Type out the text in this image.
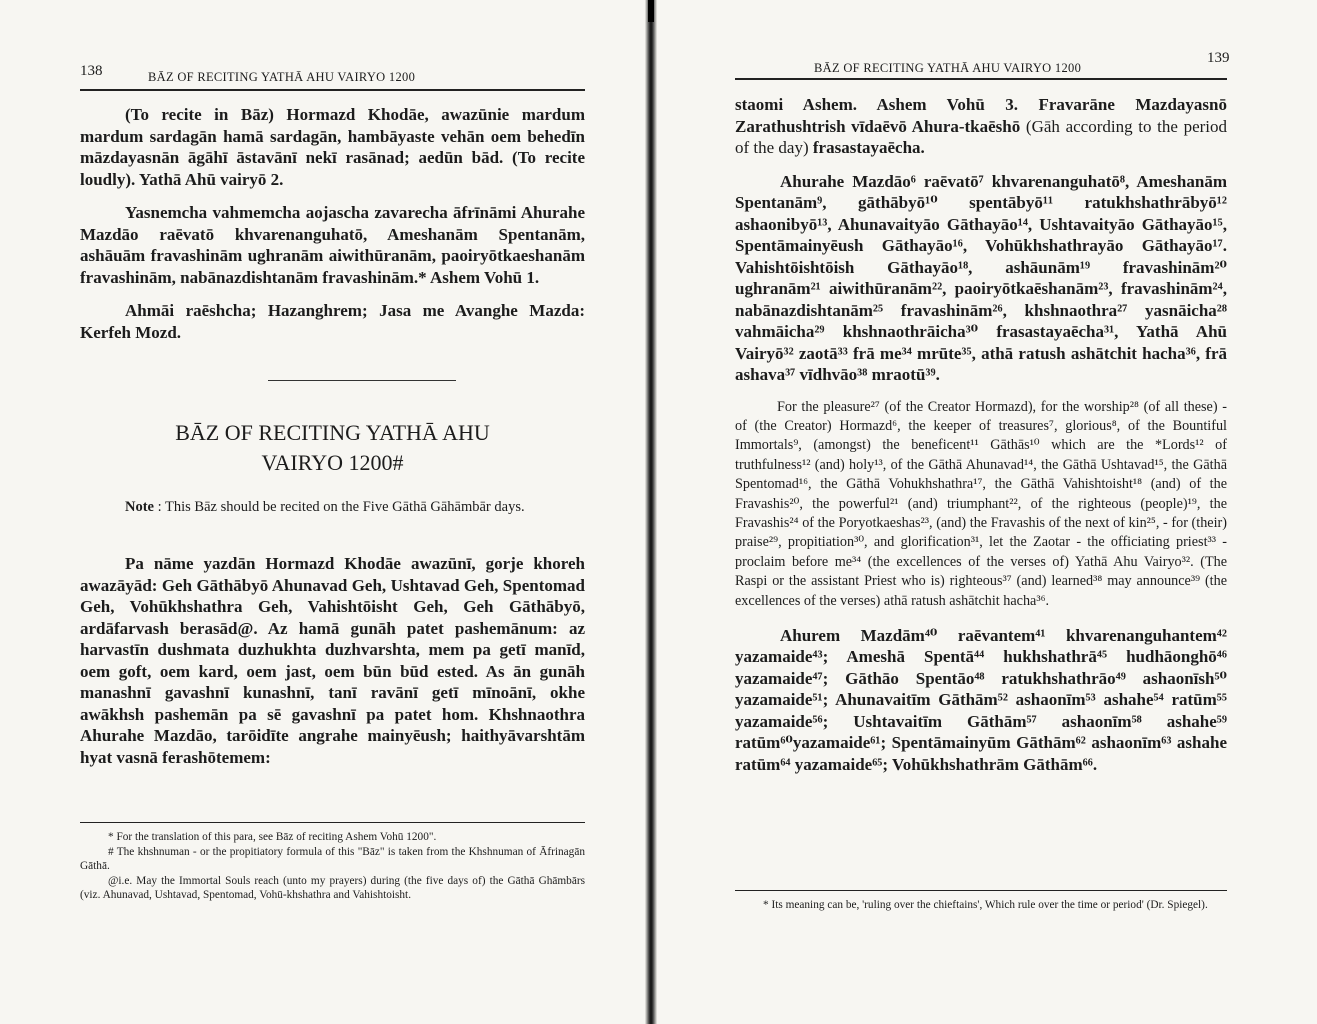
138	BĀZ OF RECITING YATHĀ AHU VAIRYO 1200

(To recite in Bāz) Hormazd Khodāe, awazūnie mardum mardum sardagān hamā sardagān, hambāyaste vehān oem behedīn māzdayasnān āgāhī āstavānī nekī rasānad; aedūn bād. (To recite loudly). Yathā Ahū vairyō 2.

Yasnemcha vahmemcha aojascha zavarecha āfrīnāmi Ahurahe Mazdāo raēvatō khvarenanguhatō, Ameshanām Spentanām, ashāuām fravashinām ughranām aiwithūranām, paoiryōtkaeshanām fravashinām, nabānazdishtanām fravashinām.* Ashem Vohū 1.

Ahmāi raēshcha; Hazanghrem; Jasa me Avanghe Mazda: Kerfeh Mozd.

BĀZ OF RECITING YATHĀ AHU

VAIRYO 1200#

Note : This Bāz should be recited on the Five Gāthā Gāhāmbār days.

Pa nāme yazdān Hormazd Khodāe awazūnī, gorje khoreh awazāyād: Geh Gāthābyō Ahunavad Geh, Ushtavad Geh, Spentomad Geh, Vohūkhshathra Geh, Vahishtōisht Geh, Geh Gāthābyō, ardāfarvash berasād@. Az hamā gunāh patet pashemānum: az harvastīn dushmata duzhukhta duzhvarshta, mem pa getī manīd, oem goft, oem kard, oem jast, oem būn būd ested. As ān gunāh manashnī gavashnī kunashnī, tanī ravānī getī mīnoānī, okhe awākhsh pashemān pa sē gavashnī pa patet hom. Khshnaothra Ahurahe Mazdāo, tarōidīte angrahe mainyēush; haithyāvarshtām hyat vasnā ferashōtemem:

* For the translation of this para, see Bāz of reciting Ashem Vohū 1200".

# The khshnuman - or the propitiatory formula of this "Bāz" is taken from the Khshnuman of Āfrinagān Gāthā.

@i.e. May the Immortal Souls reach (unto my prayers) during (the five days of) the Gāthā Ghāmbārs (viz. Ahunavad, Ushtavad, Spentomad, Vohū-khshathra and Vahishtoisht.

BĀZ OF RECITING YATHĀ AHU VAIRYO 1200
139

staomi Ashem. Ashem Vohū 3. Fravarāne Mazdayasnō Zarathushtrish vīdaēvō Ahura-tkaēshō (Gāh according to the period of the day) frasastayaēcha.

Ahurahe Mazdāo⁶ raēvatō⁷ khvarenanguhatō⁸, Ameshanām Spentanām⁹, gāthābyō¹⁰ spentābyō¹¹ ratukhshathrābyō¹² ashaonibyō¹³, Ahunavaityāo Gāthayāo¹⁴, Ushtavaityāo Gāthayāo¹⁵, Spentāmainyēush Gāthayāo¹⁶, Vohūkhshathrayāo Gāthayāo¹⁷. Vahishtōishtōish Gāthayāo¹⁸, ashāunām¹⁹ fravashinām²⁰ ughranām²¹ aiwithūranām²², paoiryōtkaēshanām²³, fravashinām²⁴, nabānazdishtanām²⁵ fravashinām²⁶, khshnaothra²⁷ yasnāicha²⁸ vahmāicha²⁹ khshnaothrāicha³⁰ frasastayaēcha³¹, Yathā Ahū Vairyō³² zaotā³³ frā me³⁴ mrūte³⁵, athā ratush ashātchit hacha³⁶, frā ashava³⁷ vīdhvāo³⁸ mraotū³⁹.

For the pleasure²⁷ (of the Creator Hormazd), for the worship²⁸ (of all these) - of (the Creator) Hormazd⁶, the keeper of treasures⁷, glorious⁸, of the Bountiful Immortals⁹, (amongst) the beneficent¹¹ Gāthās¹⁰ which are the *Lords¹² of truthfulness¹² (and) holy¹³, of the Gāthā Ahunavad¹⁴, the Gāthā Ushtavad¹⁵, the Gāthā Spentomad¹⁶, the Gāthā Vohukhshathra¹⁷, the Gāthā Vahishtoisht¹⁸ (and) of the Fravashis²⁰, the powerful²¹ (and) triumphant²², of the righteous (people)¹⁹, the Fravashis²⁴ of the Poryotkaeshas²³, (and) the Fravashis of the next of kin²⁵, - for (their) praise²⁹, propitiation³⁰, and glorification³¹, let the Zaotar - the officiating priest³³ - proclaim before me³⁴ (the excellences of the verses of) Yathā Ahu Vairyo³². (The Raspi or the assistant Priest who is) righteous³⁷ (and) learned³⁸ may announce³⁹ (the excellences of the verses) athā ratush ashātchit hacha³⁶.

Ahurem Mazdām⁴⁰ raēvantem⁴¹ khvarenanguhantem⁴² yazamaide⁴³; Ameshā Spentā⁴⁴ hukhshathrā⁴⁵ hudhāonghō⁴⁶ yazamaide⁴⁷; Gāthāo Spentāo⁴⁸ ratukhshathrāo⁴⁹ ashaonīsh⁵⁰ yazamaide⁵¹; Ahunavaitīm Gāthām⁵² ashaonīm⁵³ ashahe⁵⁴ ratūm⁵⁵ yazamaide⁵⁶; Ushtavaitīm Gāthām⁵⁷ ashaonīm⁵⁸ ashahe⁵⁹ ratūm⁶⁰yazamaide⁶¹; Spentāmainyūm Gāthām⁶² ashaonīm⁶³ ashahe ratūm⁶⁴ yazamaide⁶⁵; Vohūkhshathrām Gāthām⁶⁶.

* Its meaning can be, 'ruling over the chieftains', Which rule over the time or period' (Dr. Spiegel).
